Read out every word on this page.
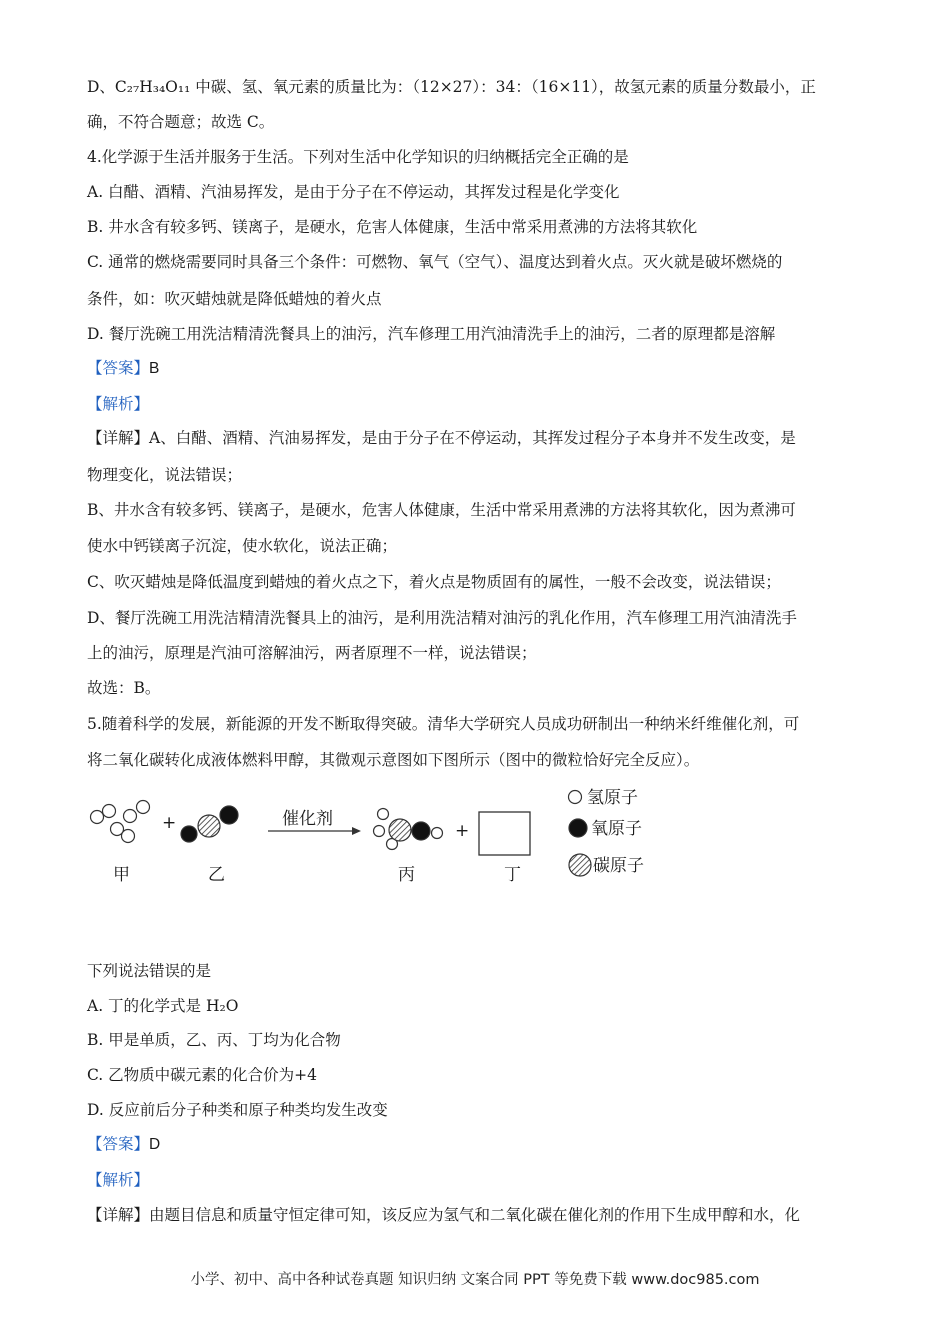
D、C₂₇H₃₄O₁₁ 中碳、氢、氧元素的质量比为：（12×27）：34：（16×11），故氢元素的质量分数最小，正
确，不符合题意；故选 C。
4.化学源于生活并服务于生活。下列对生活中化学知识的归纳概括完全正确的是
A. 白醋、酒精、汽油易挥发，是由于分子在不停运动，其挥发过程是化学变化
B. 井水含有较多钙、镁离子，是硬水，危害人体健康，生活中常采用煮沸的方法将其软化
C. 通常的燃烧需要同时具备三个条件：可燃物、氧气（空气）、温度达到着火点。灭火就是破坏燃烧的
条件，如：吹灭蜡烛就是降低蜡烛的着火点
D. 餐厅洗碗工用洗洁精清洗餐具上的油污，汽车修理工用汽油清洗手上的油污，二者的原理都是溶解
【答案】B
【解析】
【详解】A、白醋、酒精、汽油易挥发，是由于分子在不停运动，其挥发过程分子本身并不发生改变，是
物理变化，说法错误；
B、井水含有较多钙、镁离子，是硬水，危害人体健康，生活中常采用煮沸的方法将其软化，因为煮沸可
使水中钙镁离子沉淀，使水软化，说法正确；
C、吹灭蜡烛是降低温度到蜡烛的着火点之下，着火点是物质固有的属性，一般不会改变，说法错误；
D、餐厅洗碗工用洗洁精清洗餐具上的油污，是利用洗洁精对油污的乳化作用，汽车修理工用汽油清洗手
上的油污，原理是汽油可溶解油污，两者原理不一样，说法错误；
故选：B。
5.随着科学的发展，新能源的开发不断取得突破。清华大学研究人员成功研制出一种纳米纤维催化剂，可
将二氧化碳转化成液体燃料甲醇，其微观示意图如下图所示（图中的微粒恰好完全反应）。
+	催化剂
+
甲	乙	丙	丁
氢原子
氧原子
碳原子
下列说法错误的是
A. 丁的化学式是 H₂O
B. 甲是单质，乙、丙、丁均为化合物
C. 乙物质中碳元素的化合价为+4
D. 反应前后分子种类和原子种类均发生改变
【答案】D
【解析】
【详解】由题目信息和质量守恒定律可知，该反应为氢气和二氧化碳在催化剂的作用下生成甲醇和水，化
小学、初中、高中各种试卷真题 知识归纳 文案合同 PPT 等免费下载 www.doc985.com
